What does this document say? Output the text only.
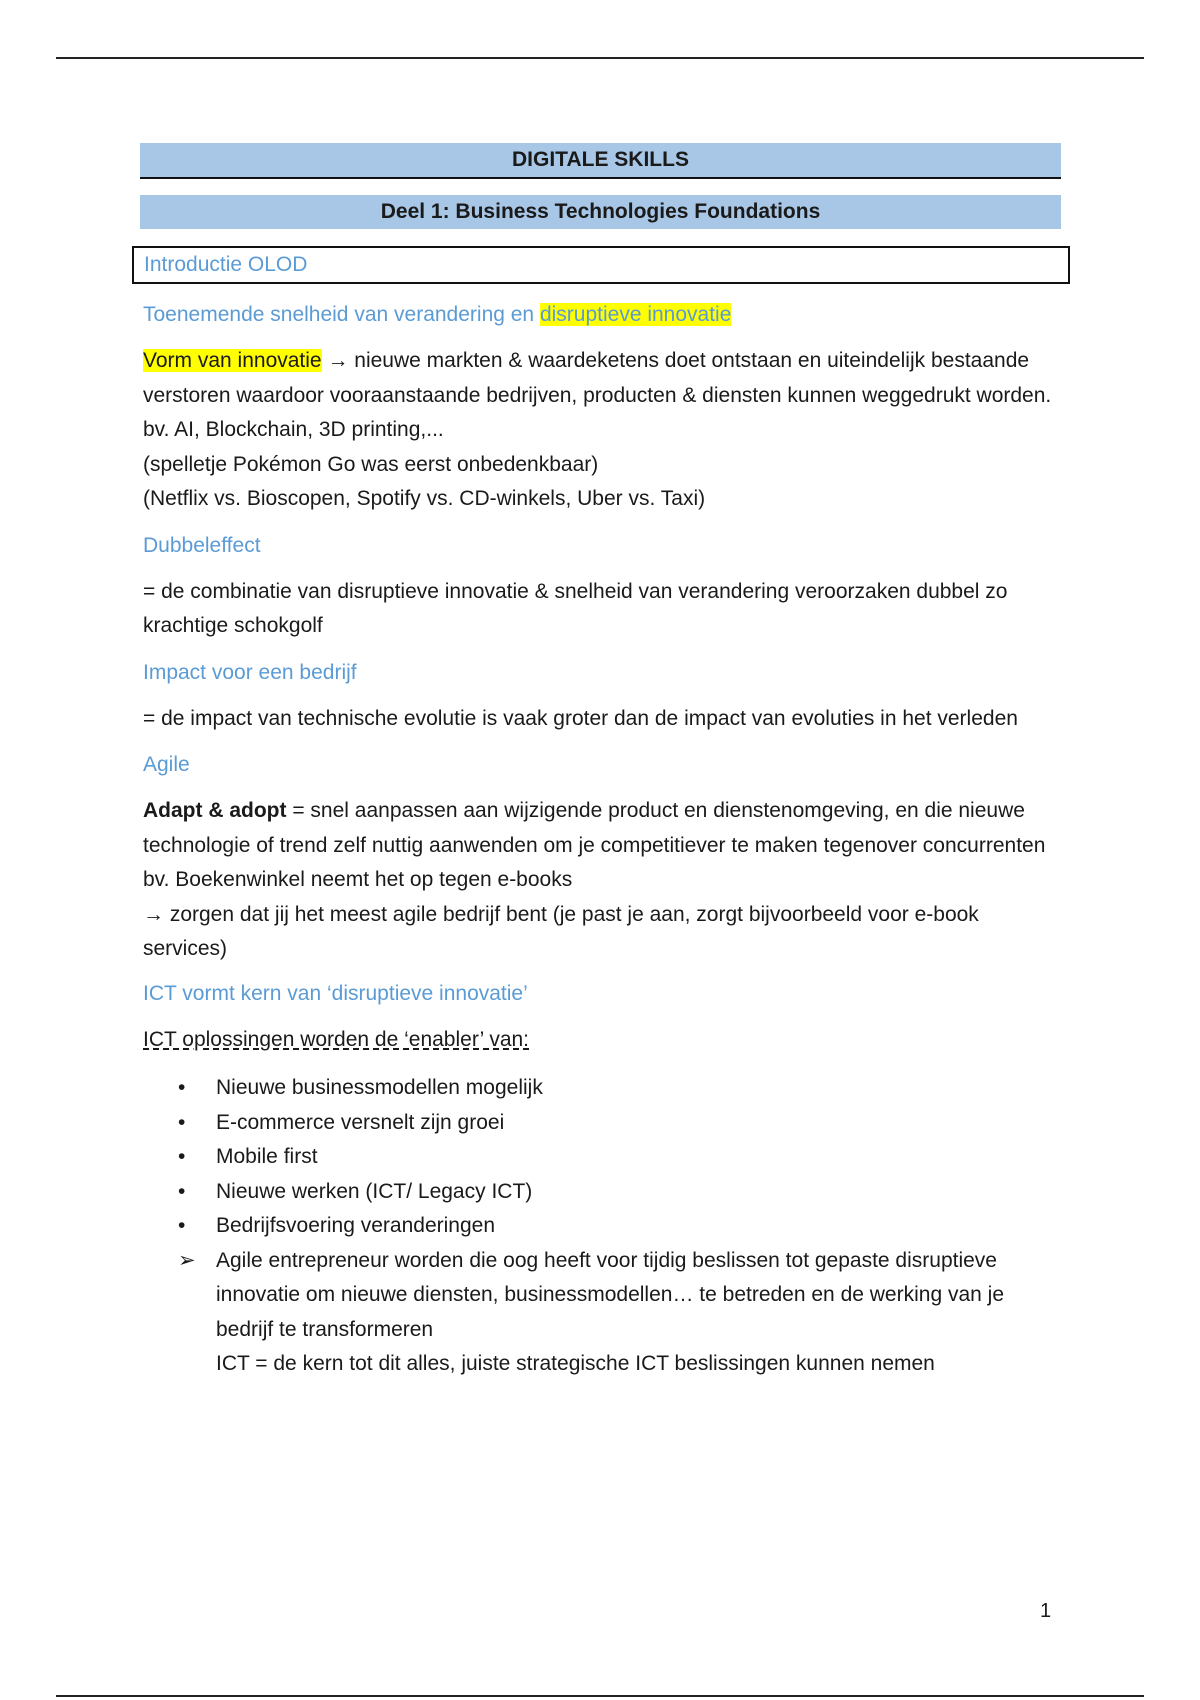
DIGITALE SKILLS
Deel 1: Business Technologies Foundations
Introductie OLOD
Toenemende snelheid van verandering en disruptieve innovatie
Vorm van innovatie → nieuwe markten & waardeketens doet ontstaan en uiteindelijk bestaande verstoren waardoor vooraanstaande bedrijven, producten & diensten kunnen weggedrukt worden.
bv. AI, Blockchain, 3D printing,...
(spelletje Pokémon Go was eerst onbedenkbaar)
(Netflix vs. Bioscopen, Spotify vs. CD-winkels, Uber vs. Taxi)
Dubbeleffect
= de combinatie van disruptieve innovatie & snelheid van verandering veroorzaken dubbel zo krachtige schokgolf
Impact voor een bedrijf
= de impact van technische evolutie is vaak groter dan de impact van evoluties in het verleden
Agile
Adapt & adopt = snel aanpassen aan wijzigende product en dienstenomgeving, en die nieuwe technologie of trend zelf nuttig aanwenden om je competitiever te maken tegenover concurrenten
bv. Boekenwinkel neemt het op tegen e-books
→ zorgen dat jij het meest agile bedrijf bent (je past je aan, zorgt bijvoorbeeld voor e-book services)
ICT vormt kern van ‘disruptieve innovatie’
ICT oplossingen worden de ‘enabler’ van:
• Nieuwe businessmodellen mogelijk
• E-commerce versnelt zijn groei
• Mobile first
• Nieuwe werken (ICT/ Legacy ICT)
• Bedrijfsvoering veranderingen
➢ Agile entrepreneur worden die oog heeft voor tijdig beslissen tot gepaste disruptieve innovatie om nieuwe diensten, businessmodellen… te betreden en de werking van je bedrijf te transformeren
ICT = de kern tot dit alles, juiste strategische ICT beslissingen kunnen nemen
1
